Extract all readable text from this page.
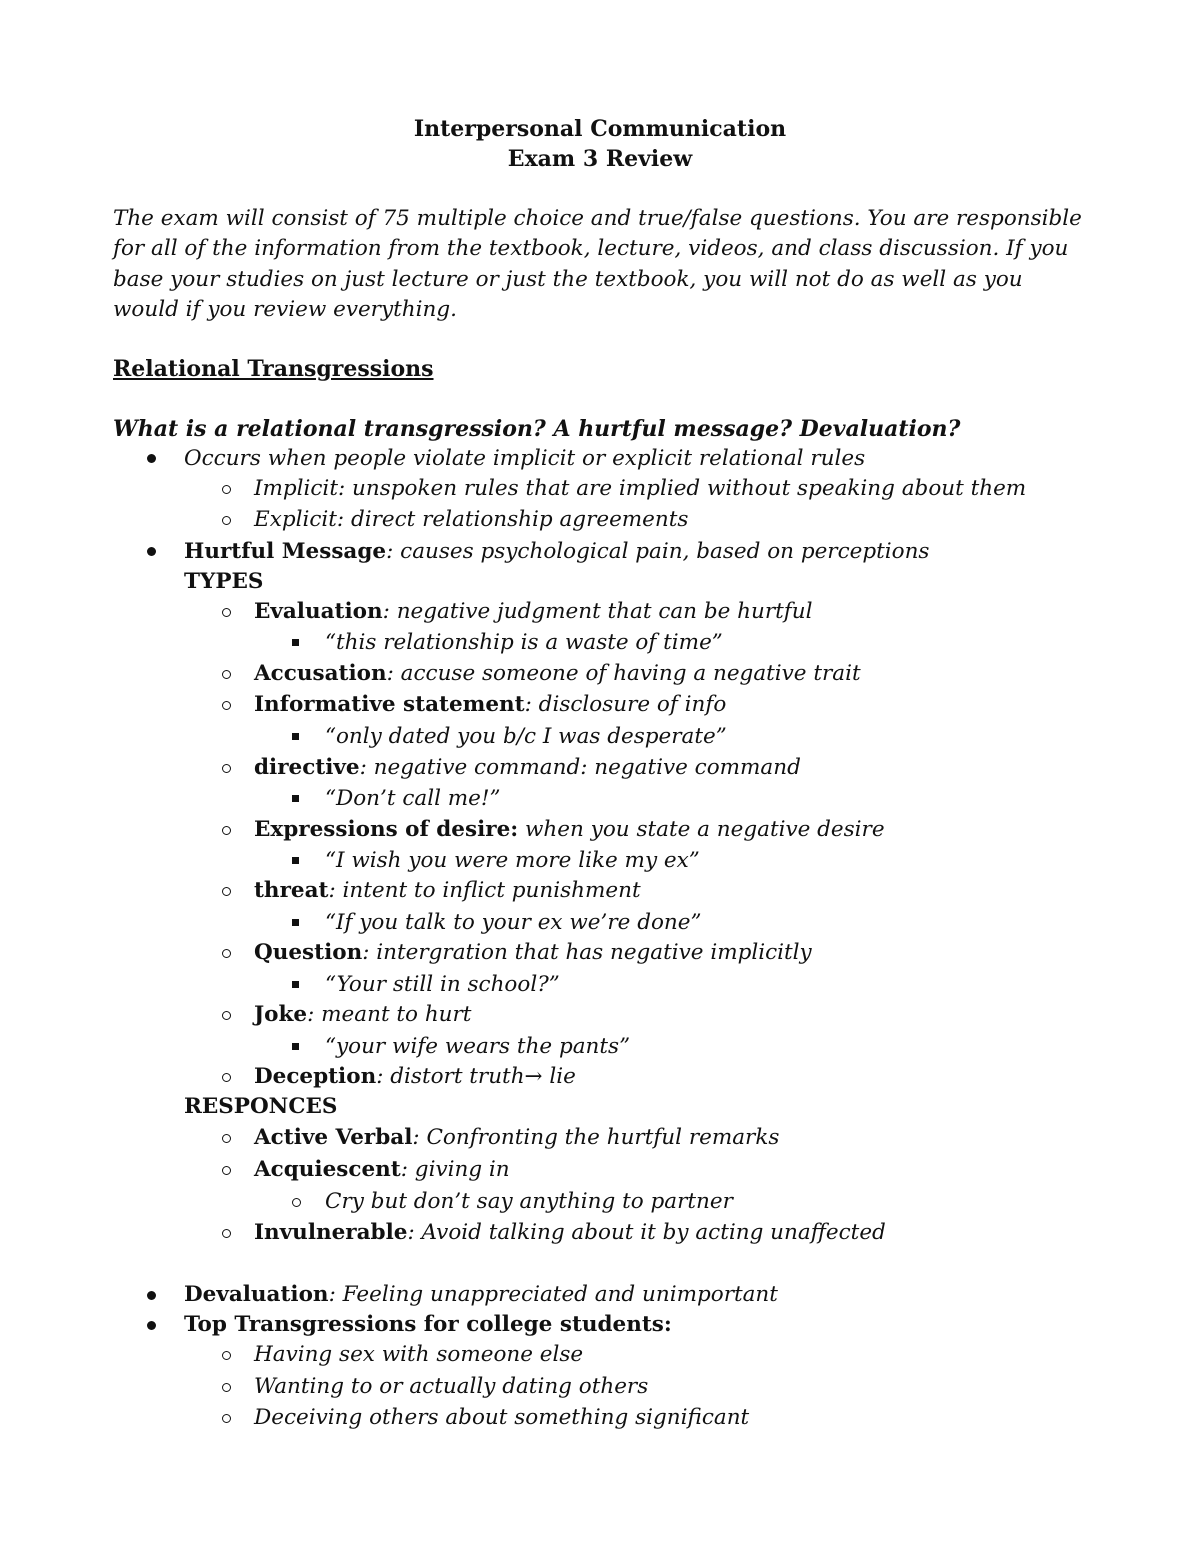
Interpersonal Communication
Exam 3 Review
The exam will consist of 75 multiple choice and true/false questions. You are responsible for all of the information from the textbook, lecture, videos, and class discussion. If you base your studies on just lecture or just the textbook, you will not do as well as you would if you review everything.
Relational Transgressions
What is a relational transgression? A hurtful message? Devaluation?
Occurs when people violate implicit or explicit relational rules
Implicit: unspoken rules that are implied without speaking about them
Explicit: direct relationship agreements
Hurtful Message: causes psychological pain, based on perceptions
TYPES
Evaluation: negative judgment that can be hurtful
“this relationship is a waste of time”
Accusation: accuse someone of having a negative trait
Informative statement: disclosure of info
“only dated you b/c I was desperate”
directive: negative command: negative command
“Don’t call me!”
Expressions of desire: when you state a negative desire
“I wish you were more like my ex”
threat: intent to inflict punishment
“If you talk to your ex we’re done”
Question: intergration that has negative implicitly
“Your still in school?”
Joke: meant to hurt
“your wife wears the pants”
Deception: distort truth→ lie
RESPONCES
Active Verbal: Confronting the hurtful remarks
Acquiescent: giving in
Cry but don’t say anything to partner
Invulnerable: Avoid talking about it by acting unaffected
Devaluation: Feeling unappreciated and unimportant
Top Transgressions for college students:
Having sex with someone else
Wanting to or actually dating others
Deceiving others about something significant
